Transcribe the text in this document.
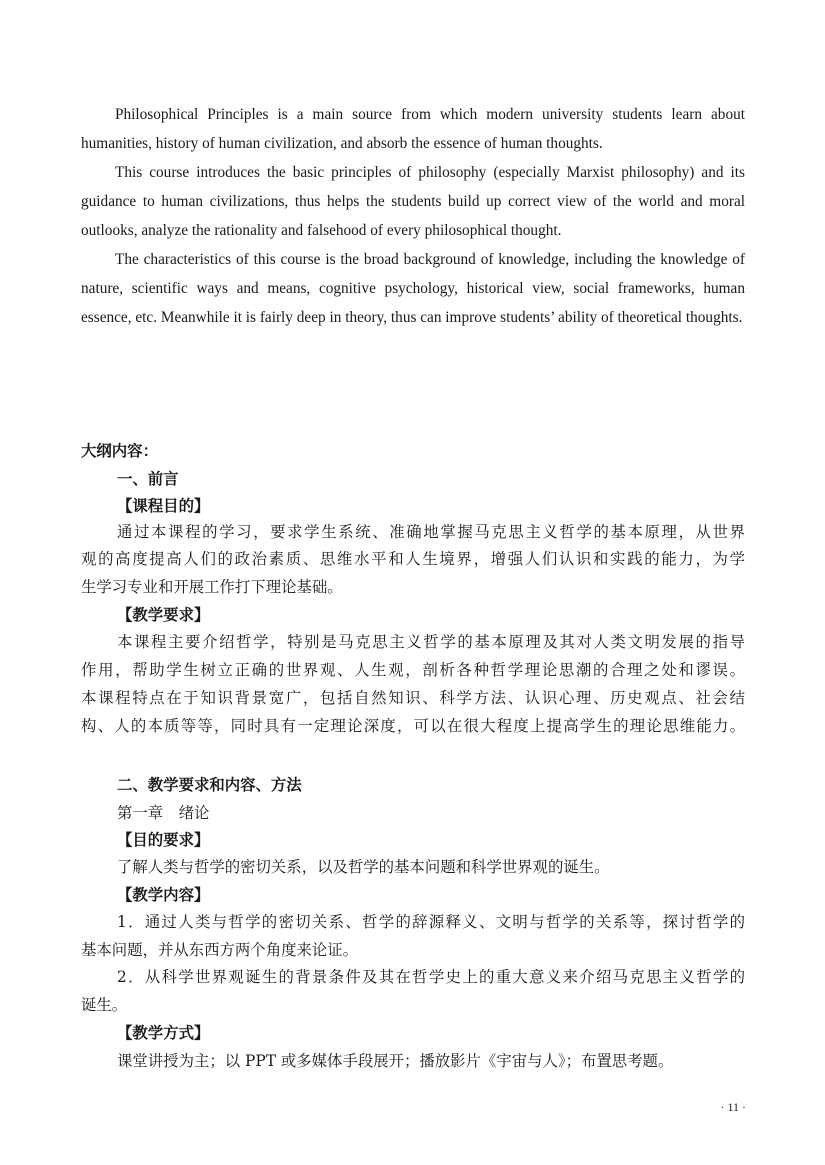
Philosophical Principles is a main source from which modern university students learn about humanities, history of human civilization, and absorb the essence of human thoughts.

This course introduces the basic principles of philosophy (especially Marxist philosophy) and its guidance to human civilizations, thus helps the students build up correct view of the world and moral outlooks, analyze the rationality and falsehood of every philosophical thought.

The characteristics of this course is the broad background of knowledge, including the knowledge of nature, scientific ways and means, cognitive psychology, historical view, social frameworks, human essence, etc. Meanwhile it is fairly deep in theory, thus can improve students’ ability of theoretical thoughts.

大纲内容：
一、前言
【课程目的】
通过本课程的学习，要求学生系统、准确地掌握马克思主义哲学的基本原理，从世界
观的高度提高人们的政治素质、思维水平和人生境界，增强人们认识和实践的能力，为学
生学习专业和开展工作打下理论基础。
【教学要求】
本课程主要介绍哲学，特别是马克思主义哲学的基本原理及其对人类文明发展的指导
作用，帮助学生树立正确的世界观、人生观，剖析各种哲学理论思潮的合理之处和谬误。
本课程特点在于知识背景宽广，包括自然知识、科学方法、认识心理、历史观点、社会结
构、人的本质等等，同时具有一定理论深度，可以在很大程度上提高学生的理论思维能力。
二、教学要求和内容、方法
第一章　绪论
【目的要求】
了解人类与哲学的密切关系，以及哲学的基本问题和科学世界观的诞生。
【教学内容】
1．通过人类与哲学的密切关系、哲学的辞源释义、文明与哲学的关系等，探讨哲学的
基本问题，并从东西方两个角度来论证。
2．从科学世界观诞生的背景条件及其在哲学史上的重大意义来介绍马克思主义哲学的
诞生。
【教学方式】
课堂讲授为主；以 PPT 或多媒体手段展开；播放影片《宇宙与人》；布置思考题。
· 11 ·
